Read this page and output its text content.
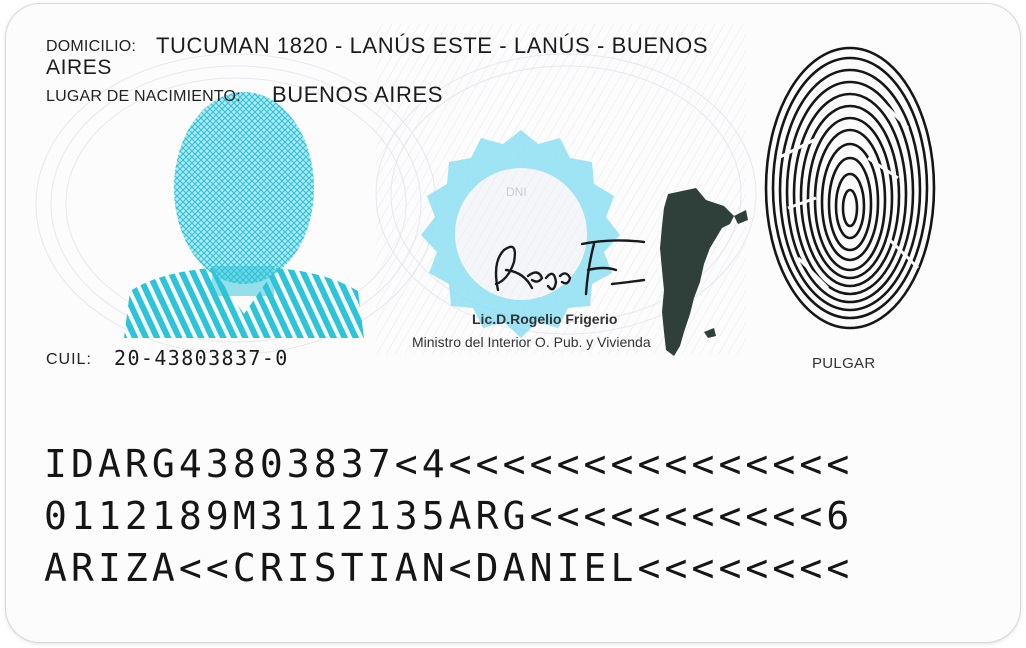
DNI
DOMICILIO: TUCUMAN 1820 - LANÚS ESTE - LANÚS - BUENOS
AIRES
LUGAR DE NACIMIENTO: BUENOS AIRES
Lic.D.Rogelio Frigerio
Ministro del Interior O. Pub. y Vivienda
PULGAR
CUIL: 20-43803837-0
IDARG43803837<4<<<<<<<<<<<<<<<
0112189M3112135ARG<<<<<<<<<<<6
ARIZA<<CRISTIAN<DANIEL<<<<<<<<
